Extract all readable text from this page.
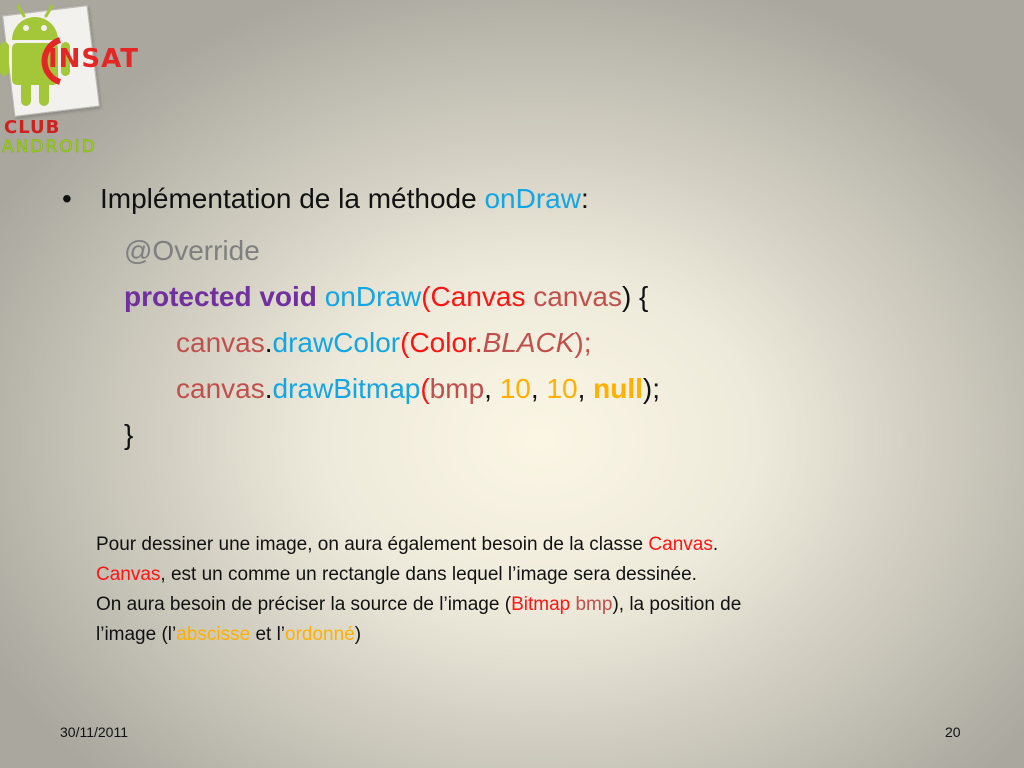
INSAT
CLUB
ANDROID
• Implémentation de la méthode onDraw:
@Override
protected void onDraw(Canvas canvas) {
canvas.drawColor(Color.BLACK);
canvas.drawBitmap(bmp, 10, 10, null);
}

Pour dessiner une image, on aura également besoin de la classe Canvas.

Canvas, est un comme un rectangle dans lequel l’image sera dessinée.

On aura besoin de préciser la source de l’image (Bitmap bmp), la position de

l’image (l’abscisse et l’ordonné)

30/11/2011	20
